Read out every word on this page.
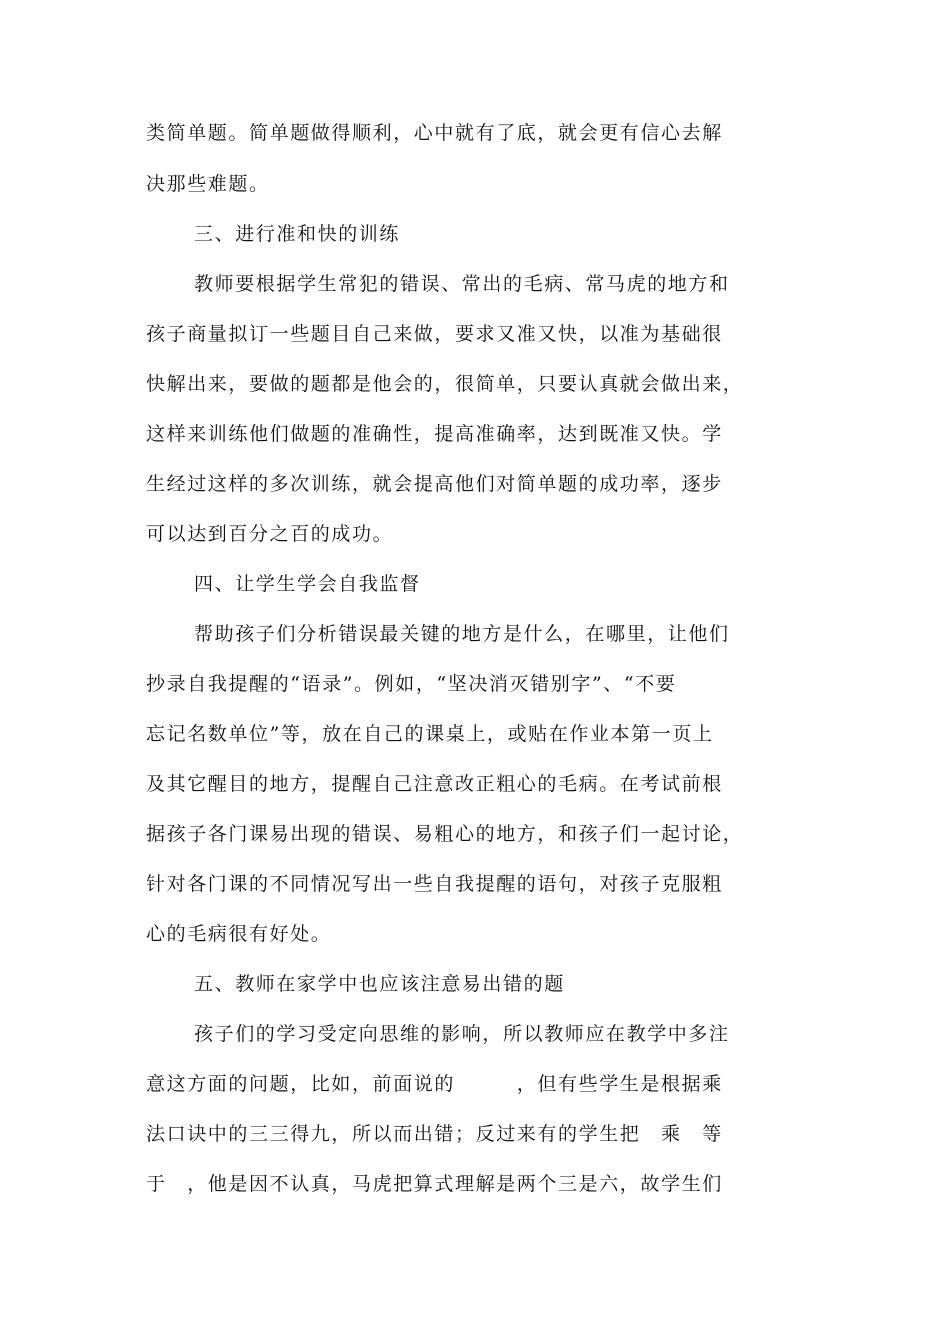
类简单题。简单题做得顺利，心中就有了底，就会更有信心去解
决那些难题。
三、进行准和快的训练
教师要根据学生常犯的错误、常出的毛病、常马虎的地方和
孩子商量拟订一些题目自己来做，要求又准又快，以准为基础很
快解出来，要做的题都是他会的，很简单，只要认真就会做出来，
这样来训练他们做题的准确性，提高准确率，达到既准又快。学
生经过这样的多次训练，就会提高他们对简单题的成功率，逐步
可以达到百分之百的成功。
四、让学生学会自我监督
帮助孩子们分析错误最关键的地方是什么，在哪里，让他们
抄录自我提醒的“语录”。例如，“坚决消灭错别字”、“不要
忘记名数单位”等，放在自己的课桌上，或贴在作业本第一页上
及其它醒目的地方，提醒自己注意改正粗心的毛病。在考试前根
据孩子各门课易出现的错误、易粗心的地方，和孩子们一起讨论，
针对各门课的不同情况写出一些自我提醒的语句，对孩子克服粗
心的毛病很有好处。
五、教师在家学中也应该注意易出错的题
孩子们的学习受定向思维的影响，所以教师应在教学中多注
意这方面的问题，比如，前面说的　　　，但有些学生是根据乘
法口诀中的三三得九，所以而出错；反过来有的学生把　乘　等
于　，他是因不认真，马虎把算式理解是两个三是六，故学生们
